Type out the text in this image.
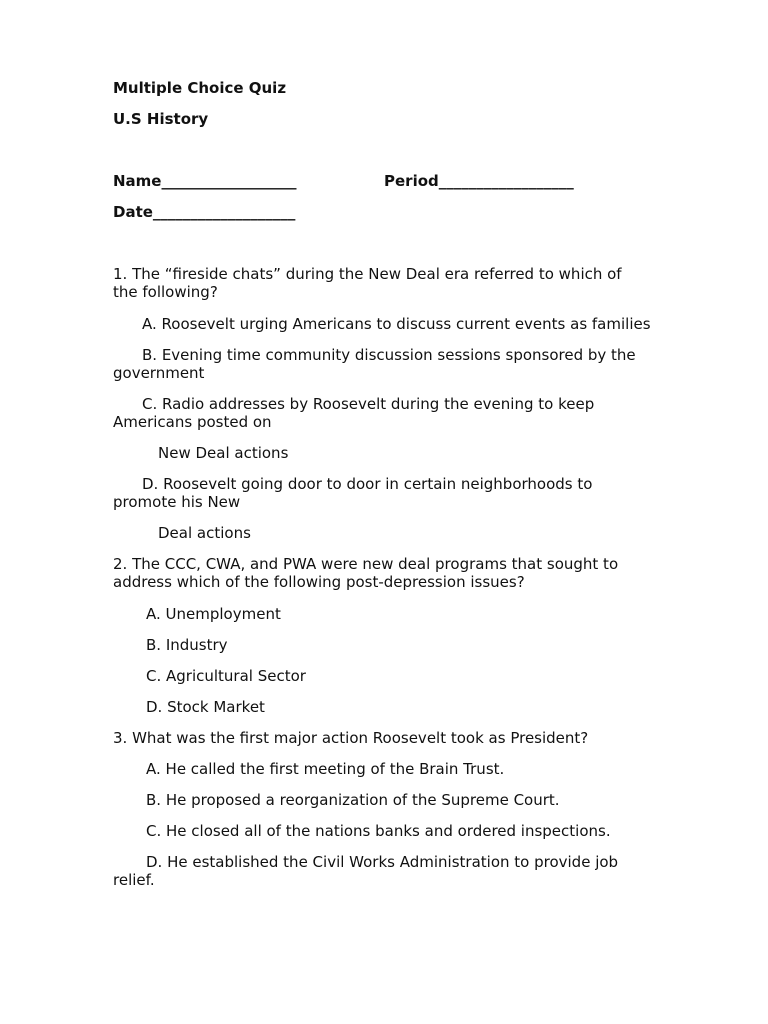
Multiple Choice Quiz

U.S History

Name__________________	Period__________________

Date___________________

1. The “fireside chats” during the New Deal era referred to which of the following?

A. Roosevelt urging Americans to discuss current events as families

B. Evening time community discussion sessions sponsored by the government

C. Radio addresses by Roosevelt during the evening to keep Americans posted on

New Deal actions

D. Roosevelt going door to door in certain neighborhoods to promote his New

Deal actions

2. The CCC, CWA, and PWA were new deal programs that sought to address which of the following post-depression issues?

A. Unemployment

B. Industry

C. Agricultural Sector

D. Stock Market

3. What was the first major action Roosevelt took as President?

A. He called the first meeting of the Brain Trust.

B. He proposed a reorganization of the Supreme Court.

C. He closed all of the nations banks and ordered inspections.

D. He established the Civil Works Administration to provide job relief.
